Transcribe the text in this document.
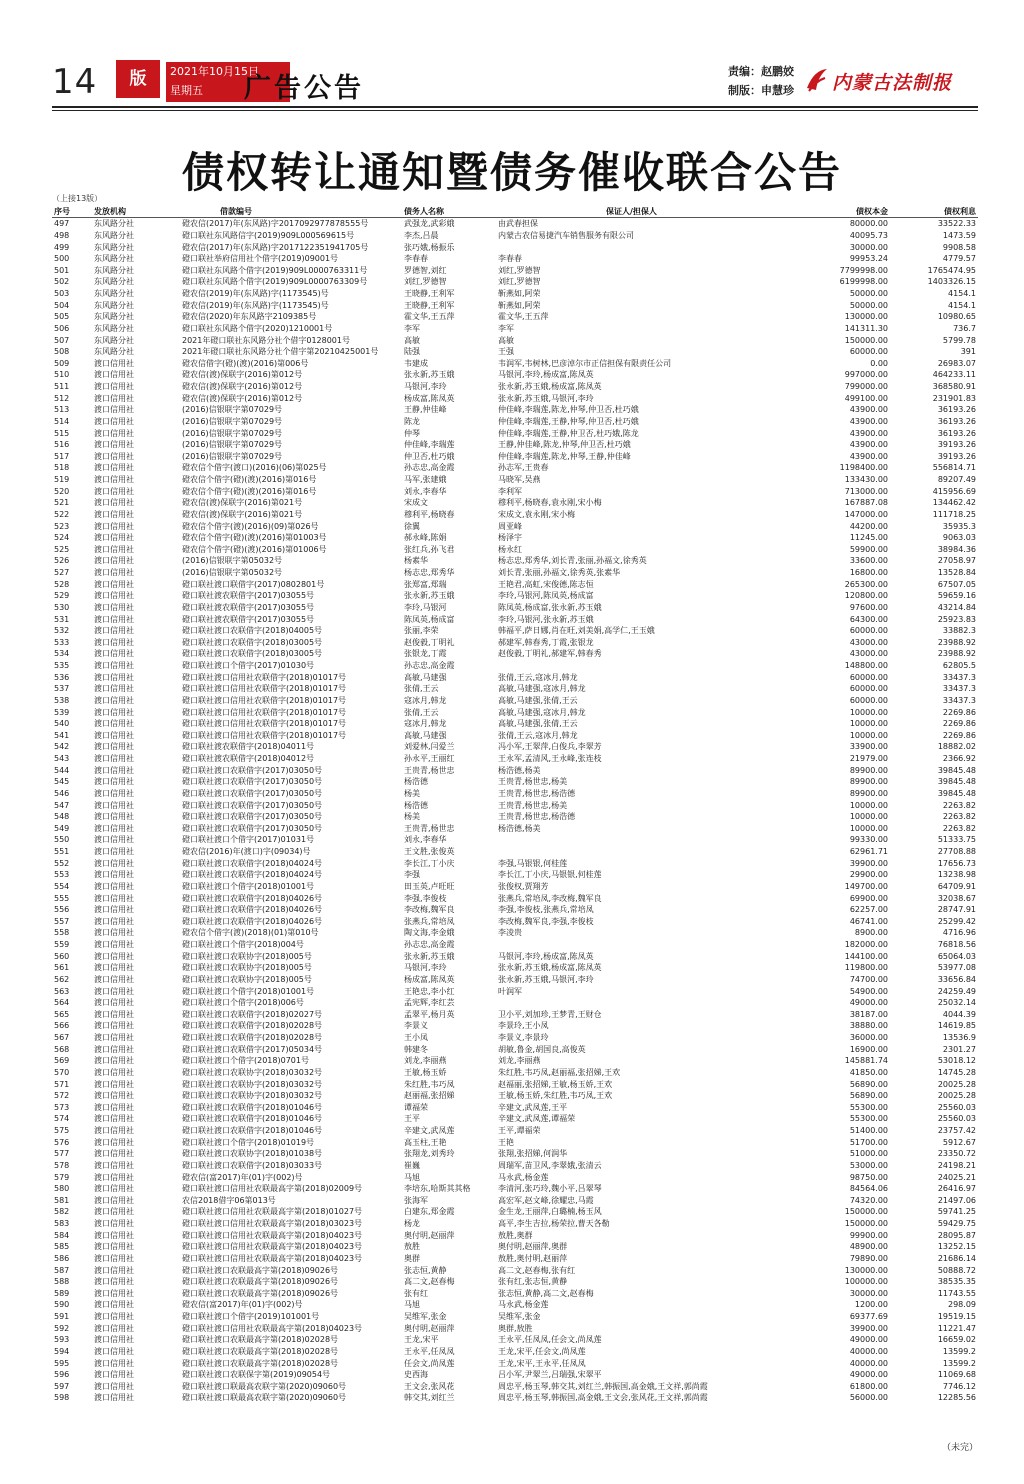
14	版	2021年10月15日
星期五	广告公告
责编：赵鹏姣
制版：申慧珍 内蒙古法制报
债权转让通知暨债务催收联合公告
（上接13版）
序号	发放机构	借款编号	债务人名称	保证人/担保人	债权本金	债权利息
497	东风路分社	磴农信(2017)年(东风路)字2017092977878555号	武强龙,武彩娥	由武春担保	80000.00	33522.33
498	东风路分社	磴口联社东风路信字(2019)909L000569615号	李杰,吕晨	内蒙古农信易捷汽车销售服务有限公司	40095.73	1473.59
499	东风路分社	磴农信(2017)年(东风路)字2017122351941705号	张巧娥,杨振乐		30000.00	9908.58
500	东风路分社	磴口联社举府信用社个借字(2019)09001号	李春春	李春春	99953.24	4779.57
501	东风路分社	磴口联社东风路个借字(2019)909L0000763311号	罗德智,刘红	刘红,罗德智	7799998.00	1765474.95
502	东风路分社	磴口联社东风路个借字(2019)909L0000763309号	刘红,罗德智	刘红,罗德智	6199998.00	1403326.15
503	东风路分社	磴农信(2019)年(东风路)字(1173545)号	王晓静,王利军	靳燕如,阿荣	50000.00	4154.1
504	东风路分社	磴农信(2019)年(东风路)字(1173545)号	王晓静,王利军	靳燕如,阿荣	50000.00	4154.1
505	东风路分社	磴农信(2020)年东风路字2109385号	霍文华,王五萍	霍文华,王五萍	130000.00	10980.65
506	东风路分社	磴口联社东风路个借字(2020)1210001号	李军	李军	141311.30	736.7
507	东风路分社	2021年磴口联社东风路分社个借字0128001号	高敏	高敏	150000.00	5799.78
508	东风路分社	2021年磴口联社东风路分社个借字第20210425001号	陆强	王强	60000.00	391
509	渡口信用社	磴农信借字(磴)(渡)(2016)第006号	韦建成	韦润军,韦树林,巴彦淖尔市正信担保有限责任公司	0.00	26983.07
510	渡口信用社	磴农信(渡)保联字(2016)第012号	张永新,苏玉娥	马银河,李玲,杨成富,陈凤英	997000.00	464233.11
511	渡口信用社	磴农信(渡)保联字(2016)第012号	马银河,李玲	张永新,苏玉娥,杨成富,陈凤英	799000.00	368580.91
512	渡口信用社	磴农信(渡)保联字(2016)第012号	杨成富,陈凤英	张永新,苏玉娥,马银河,李玲	499100.00	231901.83
513	渡口信用社	(2016)信银联字第07029号	王静,仲佳峰	仲佳峰,李瑞莲,陈龙,仲琴,仲卫否,杜巧娥	43900.00	36193.26
514	渡口信用社	(2016)信银联字第07029号	陈龙	仲佳峰,李瑞莲,王静,仲琴,仲卫否,杜巧娥	43900.00	36193.26
515	渡口信用社	(2016)信银联字第07029号	仲琴	仲佳峰,李瑞莲,王静,仲卫否,杜巧娥,陈龙	43900.00	36193.26
516	渡口信用社	(2016)信银联字第07029号	仲佳峰,李瑞莲	王静,仲佳峰,陈龙,仲琴,仲卫否,杜巧娥	43900.00	39193.26
517	渡口信用社	(2016)信银联字第07029号	仲卫否,杜巧娥	仲佳峰,李瑞莲,陈龙,仲琴,王静,仲佳峰	43900.00	39193.26
518	渡口信用社	磴农信个借字(渡口)(2016)(06)第025号	孙志忠,高金霞	孙志军,王贵春	1198400.00	556814.71
519	渡口信用社	磴农信个借字(磴)(渡)(2016)第016号	马军,张建娥	马晓军,吴燕	133430.00	89207.49
520	渡口信用社	磴农信个借字(磴)(渡)(2016)第016号	刘永,李春华	李利军	713000.00	415956.69
521	渡口信用社	磴农信(渡)保联字(2016)第021号	宋成文	穆利平,杨晓春,袁永刚,宋小梅	167887.08	134462.42
522	渡口信用社	磴农信(渡)保联字(2016)第021号	穆利平,杨晓春	宋成文,袁永刚,宋小梅	147000.00	111718.25
523	渡口信用社	磴农信个借字(渡)(2016)(09)第026号	徐翼	周亚峰	44200.00	35935.3
524	渡口信用社	磴农信个借字(磴)(渡)(2016)第01003号	郝永峰,陈娟	杨泽宇	11245.00	9063.03
525	渡口信用社	磴农信个借字(磴)(渡)(2016)第01006号	张红兵,孙飞君	杨永红	59900.00	38984.36
526	渡口信用社	(2016)信银联字第05032号	杨素华	杨志忠,郑秀华,刘长青,张丽,孙福文,徐秀英	33600.00	27058.97
527	渡口信用社	(2016)信银联字第05032号	杨志忠,郑秀华	刘长青,张丽,孙福文,徐秀英,张素华	16800.00	13528.84
528	渡口信用社	磴口联社渡口联借字(2017)0802801号	张郑富,郑瑞	王艳君,高虹,宋俊德,陈志恒	265300.00	67507.05
529	渡口信用社	磴口联社渡农联借字(2017)03055号	张永新,苏玉娥	李玲,马银河,陈凤英,杨成富	120800.00	59659.16
530	渡口信用社	磴口联社渡农联借字(2017)03055号	李玲,马银河	陈凤英,杨成富,张永新,苏玉娥	97600.00	43214.84
531	渡口信用社	磴口联社渡农联借字(2017)03055号	陈凤英,杨成富	李玲,马银河,张永新,苏玉娥	64300.00	25923.83
532	渡口信用社	磴口联社渡口农联借字(2018)04005号	张丽,李荣	韩福平,萨日娜,肖在旺,刘美娟,高学仁,王玉娥	60000.00	33882.3
533	渡口信用社	磴口联社渡口农联借字(2018)03005号	赵俊毅,丁明礼	郝建军,韩春秀,丁霞,张银龙	43000.00	23988.92
534	渡口信用社	磴口联社渡口农联借字(2018)03005号	张银龙,丁霞	赵俊毅,丁明礼,郝建军,韩春秀	43000.00	23988.92
535	渡口信用社	磴口联社渡口个借字(2017)01030号	孙志忠,高金霞		148800.00	62805.5
536	渡口信用社	磴口联社渡口信用社农联借字(2018)01017号	高敏,马建强	张倩,王云,寇冰月,韩龙	60000.00	33437.3
537	渡口信用社	磴口联社渡口信用社农联借字(2018)01017号	张倩,王云	高敏,马建强,寇冰月,韩龙	60000.00	33437.3
538	渡口信用社	磴口联社渡口信用社农联借字(2018)01017号	寇冰月,韩龙	高敏,马建强,张倩,王云	60000.00	33437.3
539	渡口信用社	磴口联社渡口信用社农联借字(2018)01017号	张倩,王云	高敏,马建强,寇冰月,韩龙	10000.00	2269.86
540	渡口信用社	磴口联社渡口信用社农联借字(2018)01017号	寇冰月,韩龙	高敏,马建强,张倩,王云	10000.00	2269.86
541	渡口信用社	磴口联社渡口信用社农联借字(2018)01017号	高敏,马建强	张倩,王云,寇冰月,韩龙	10000.00	2269.86
542	渡口信用社	磴口联社渡农联借字(2018)04011号	刘爱林,闫爱兰	冯小军,王翠萍,白俊兵,李翠芳	33900.00	18882.02
543	渡口信用社	磴口联社渡农联借字(2018)04012号	孙永平,王丽红	王永军,孟清风,王永峰,张连枝	21979.00	2366.92
544	渡口信用社	磴口联社渡口农联借字(2017)03050号	王贵青,杨世忠	杨浩德,杨美	89900.00	39845.48
545	渡口信用社	磴口联社渡口农联借字(2017)03050号	杨浩德	王贵青,杨世忠,杨美	89900.00	39845.48
546	渡口信用社	磴口联社渡口农联借字(2017)03050号	杨美	王贵青,杨世忠,杨浩德	89900.00	39845.48
547	渡口信用社	磴口联社渡口农联借字(2017)03050号	杨浩德	王贵青,杨世忠,杨美	10000.00	2263.82
548	渡口信用社	磴口联社渡口农联借字(2017)03050号	杨美	王贵青,杨世忠,杨浩德	10000.00	2263.82
549	渡口信用社	磴口联社渡口农联借字(2017)03050号	王贵青,杨世忠	杨浩德,杨美	10000.00	2263.82
550	渡口信用社	磴口联社渡口个借字(2017)01031号	刘永,李春华		99330.00	51333.75
551	渡口信用社	磴农信(2016)年(渡口)字(09034)号	王文胜,张俊英		62961.71	27708.88
552	渡口信用社	磴口联社渡口农联借字(2018)04024号	李长江,丁小庆	李强,马银银,何桂莲	39900.00	17656.73
553	渡口信用社	磴口联社渡口农联借字(2018)04024号	李强	李长江,丁小庆,马银银,何桂莲	29900.00	13238.98
554	渡口信用社	磴口联社渡口个借字(2018)01001号	田玉英,卢旺旺	张俊权,贾翔芳	149700.00	64709.91
555	渡口信用社	磴口联社渡口农联借字(2018)04026号	李强,李俊枝	张燕兵,常培凤,李改梅,魏军良	69900.00	32038.67
556	渡口信用社	磴口联社渡口农联借字(2018)04026号	李改梅,魏军良	李强,李俊枝,张燕兵,常培凤	62257.00	28747.91
557	渡口信用社	磴口联社渡口农联借字(2018)04026号	张燕兵,常培凤	李改梅,魏军良,李强,李俊枝	46741.00	25299.42
558	渡口信用社	磴农信个借字(渡)(2018)(01)第010号	陶文海,李金娥	李凌贵	8900.00	4716.96
559	渡口信用社	磴口联社渡口个借字(2018)004号	孙志忠,高金霞		182000.00	76818.56
560	渡口信用社	磴口联社渡口农联协字(2018)005号	张永新,苏玉娥	马银河,李玲,杨成富,陈凤英	144100.00	65064.03
561	渡口信用社	磴口联社渡口农联协字(2018)005号	马银河,李玲	张永新,苏玉娥,杨成富,陈凤英	119800.00	53977.08
562	渡口信用社	磴口联社渡口农联协字(2018)005号	杨成富,陈凤英	张永新,苏玉娥,马银河,李玲	74700.00	33656.84
563	渡口信用社	磴口联社渡口个借字(2018)01001号	王艳忠,李小红	叶润军	54900.00	24259.49
564	渡口信用社	磴口联社渡口个借字(2018)006号	孟宪辉,李红芸		49000.00	25032.14
565	渡口信用社	磴口联社渡口农联借字(2018)02027号	孟翠平,杨月英	卫小平,刘加珍,王梦青,王财仓	38187.00	4044.39
566	渡口信用社	磴口联社渡口农联借字(2018)02028号	李景义	李景玲,王小凤	38880.00	14619.85
567	渡口信用社	磴口联社渡口农联借字(2018)02028号	王小凤	李景义,李景玲	36000.00	13536.9
568	渡口信用社	磴口联社渡口农联借字(2017)05034号	韩建冬	胡敏,鲁金,胡国良,高俊英	16900.00	2301.27
569	渡口信用社	磴口联社渡口个借字(2018)0701号	刘龙,李丽燕	刘龙,李丽燕	145881.74	53018.12
570	渡口信用社	磴口联社渡口农联协字(2018)03032号	王敏,杨玉娇	朱红胜,韦巧凤,赵丽福,张招娣,王欢	41850.00	14745.28
571	渡口信用社	磴口联社渡口农联协字(2018)03032号	朱红胜,韦巧凤	赵福丽,张招娣,王敏,杨玉娇,王欢	56890.00	20025.28
572	渡口信用社	磴口联社渡口农联协字(2018)03032号	赵丽福,张招娣	王敏,杨玉娇,朱红胜,韦巧凤,王欢	56890.00	20025.28
573	渡口信用社	磴口联社渡口农联借字(2018)01046号	谭福荣	辛建文,武凤莲,王平	55300.00	25560.03
574	渡口信用社	磴口联社渡口农联借字(2018)01046号	王平	辛建文,武凤莲,谭福荣	55300.00	25560.03
575	渡口信用社	磴口联社渡口农联借字(2018)01046号	辛建文,武凤莲	王平,谭福荣	51400.00	23757.42
576	渡口信用社	磴口联社渡口个借字(2018)01019号	高玉柱,王艳	王艳	51700.00	5912.67
577	渡口信用社	磴口联社渡口农联协字(2018)01038号	张翔龙,刘秀玲	张翔,张招娣,何润华	51000.00	23350.72
578	渡口信用社	磴口联社渡口农联借字(2018)03033号	崔巍	周瑞军,苗卫风,李翠娥,张清云	53000.00	24198.21
579	渡口信用社	磴农信(富2017)年(01)字(002)号	马旭	马永武,杨金莲	98750.00	24025.21
580	渡口信用社	磴口联社渡口信用社农联最高字第(2018)02009号	李培东,哈斯其其格	李清河,张巧玲,魏小平,吕翠琴	84564.06	26416.97
581	渡口信用社	农信2018借字06第013号	张海军	高宏军,赵文峰,徐耀忠,马霞	74320.00	21497.06
582	渡口信用社	磴口联社渡口信用社农联最高字第(2018)01027号	白建东,郑金霞	金生龙,王丽萍,白璐楠,杨玉风	150000.00	59741.25
583	渡口信用社	磴口联社渡口信用社农联最高字第(2018)03023号	杨龙	高平,李生吉拉,杨荣拉,曹天各勒	150000.00	59429.75
584	渡口信用社	磴口联社渡口信用社农联最高字第(2018)04023号	奥付明,赵丽萍	敖胜,奥群	99900.00	28095.87
585	渡口信用社	磴口联社渡口信用社农联最高字第(2018)04023号	敖胜	奥付明,赵丽萍,奥群	48900.00	13252.15
586	渡口信用社	磴口联社渡口信用社农联最高字第(2018)04023号	奥群	敖胜,奥付明,赵丽萍	79890.00	21686.14
587	渡口信用社	磴口联社渡口农联最高字第(2018)09026号	张志恒,黄静	高二文,赵春梅,张有红	130000.00	50888.72
588	渡口信用社	磴口联社渡口农联最高字第(2018)09026号	高二文,赵春梅	张有红,张志恒,黄静	100000.00	38535.35
589	渡口信用社	磴口联社渡口农联最高字第(2018)09026号	张有红	张志恒,黄静,高二文,赵春梅	30000.00	11743.55
590	渡口信用社	磴农信(富2017)年(01)字(002)号	马旭	马永武,杨金莲	1200.00	298.09
591	渡口信用社	磴口联社渡口个借字(2019)101001号	吴维军,张金	吴维军,张金	69377.69	19519.15
592	渡口信用社	磴口联社渡口信用社农联最高字第(2018)04023号	奥付明,赵丽萍	奥群,敖胜	39900.00	11221.47
593	渡口信用社	磴口联社渡口农联最高字第(2018)02028号	王龙,宋平	王永平,任凤凤,任会文,尚凤莲	49000.00	16659.02
594	渡口信用社	磴口联社渡口农联最高字第(2018)02028号	王永平,任凤凤	王龙,宋平,任会文,尚凤莲	40000.00	13599.2
595	渡口信用社	磴口联社渡口农联最高字第(2018)02028号	任会文,尚凤莲	王龙,宋平,王永平,任凤凤	40000.00	13599.2
596	渡口信用社	磴口联社渡口农联保字第(2019)09054号	史西海	吕小军,尹翠兰,吕瑞强,宋翠平	49000.00	11069.68
597	渡口信用社	磴口联社渡口联最高农联字第(2020)09060号	王文会,张风花	周忠平,杨玉琴,韩交其,刘红兰,韩振国,高金娥,王文祥,郭尚霞	61800.00	7746.12
598	渡口信用社	磴口联社渡口联最高农联字第(2020)09060号	韩交其,刘红兰	周忠平,杨玉琴,韩振国,高金娥,王文会,张风花,王文祥,郭尚霞	56000.00	12285.56
（未完）
